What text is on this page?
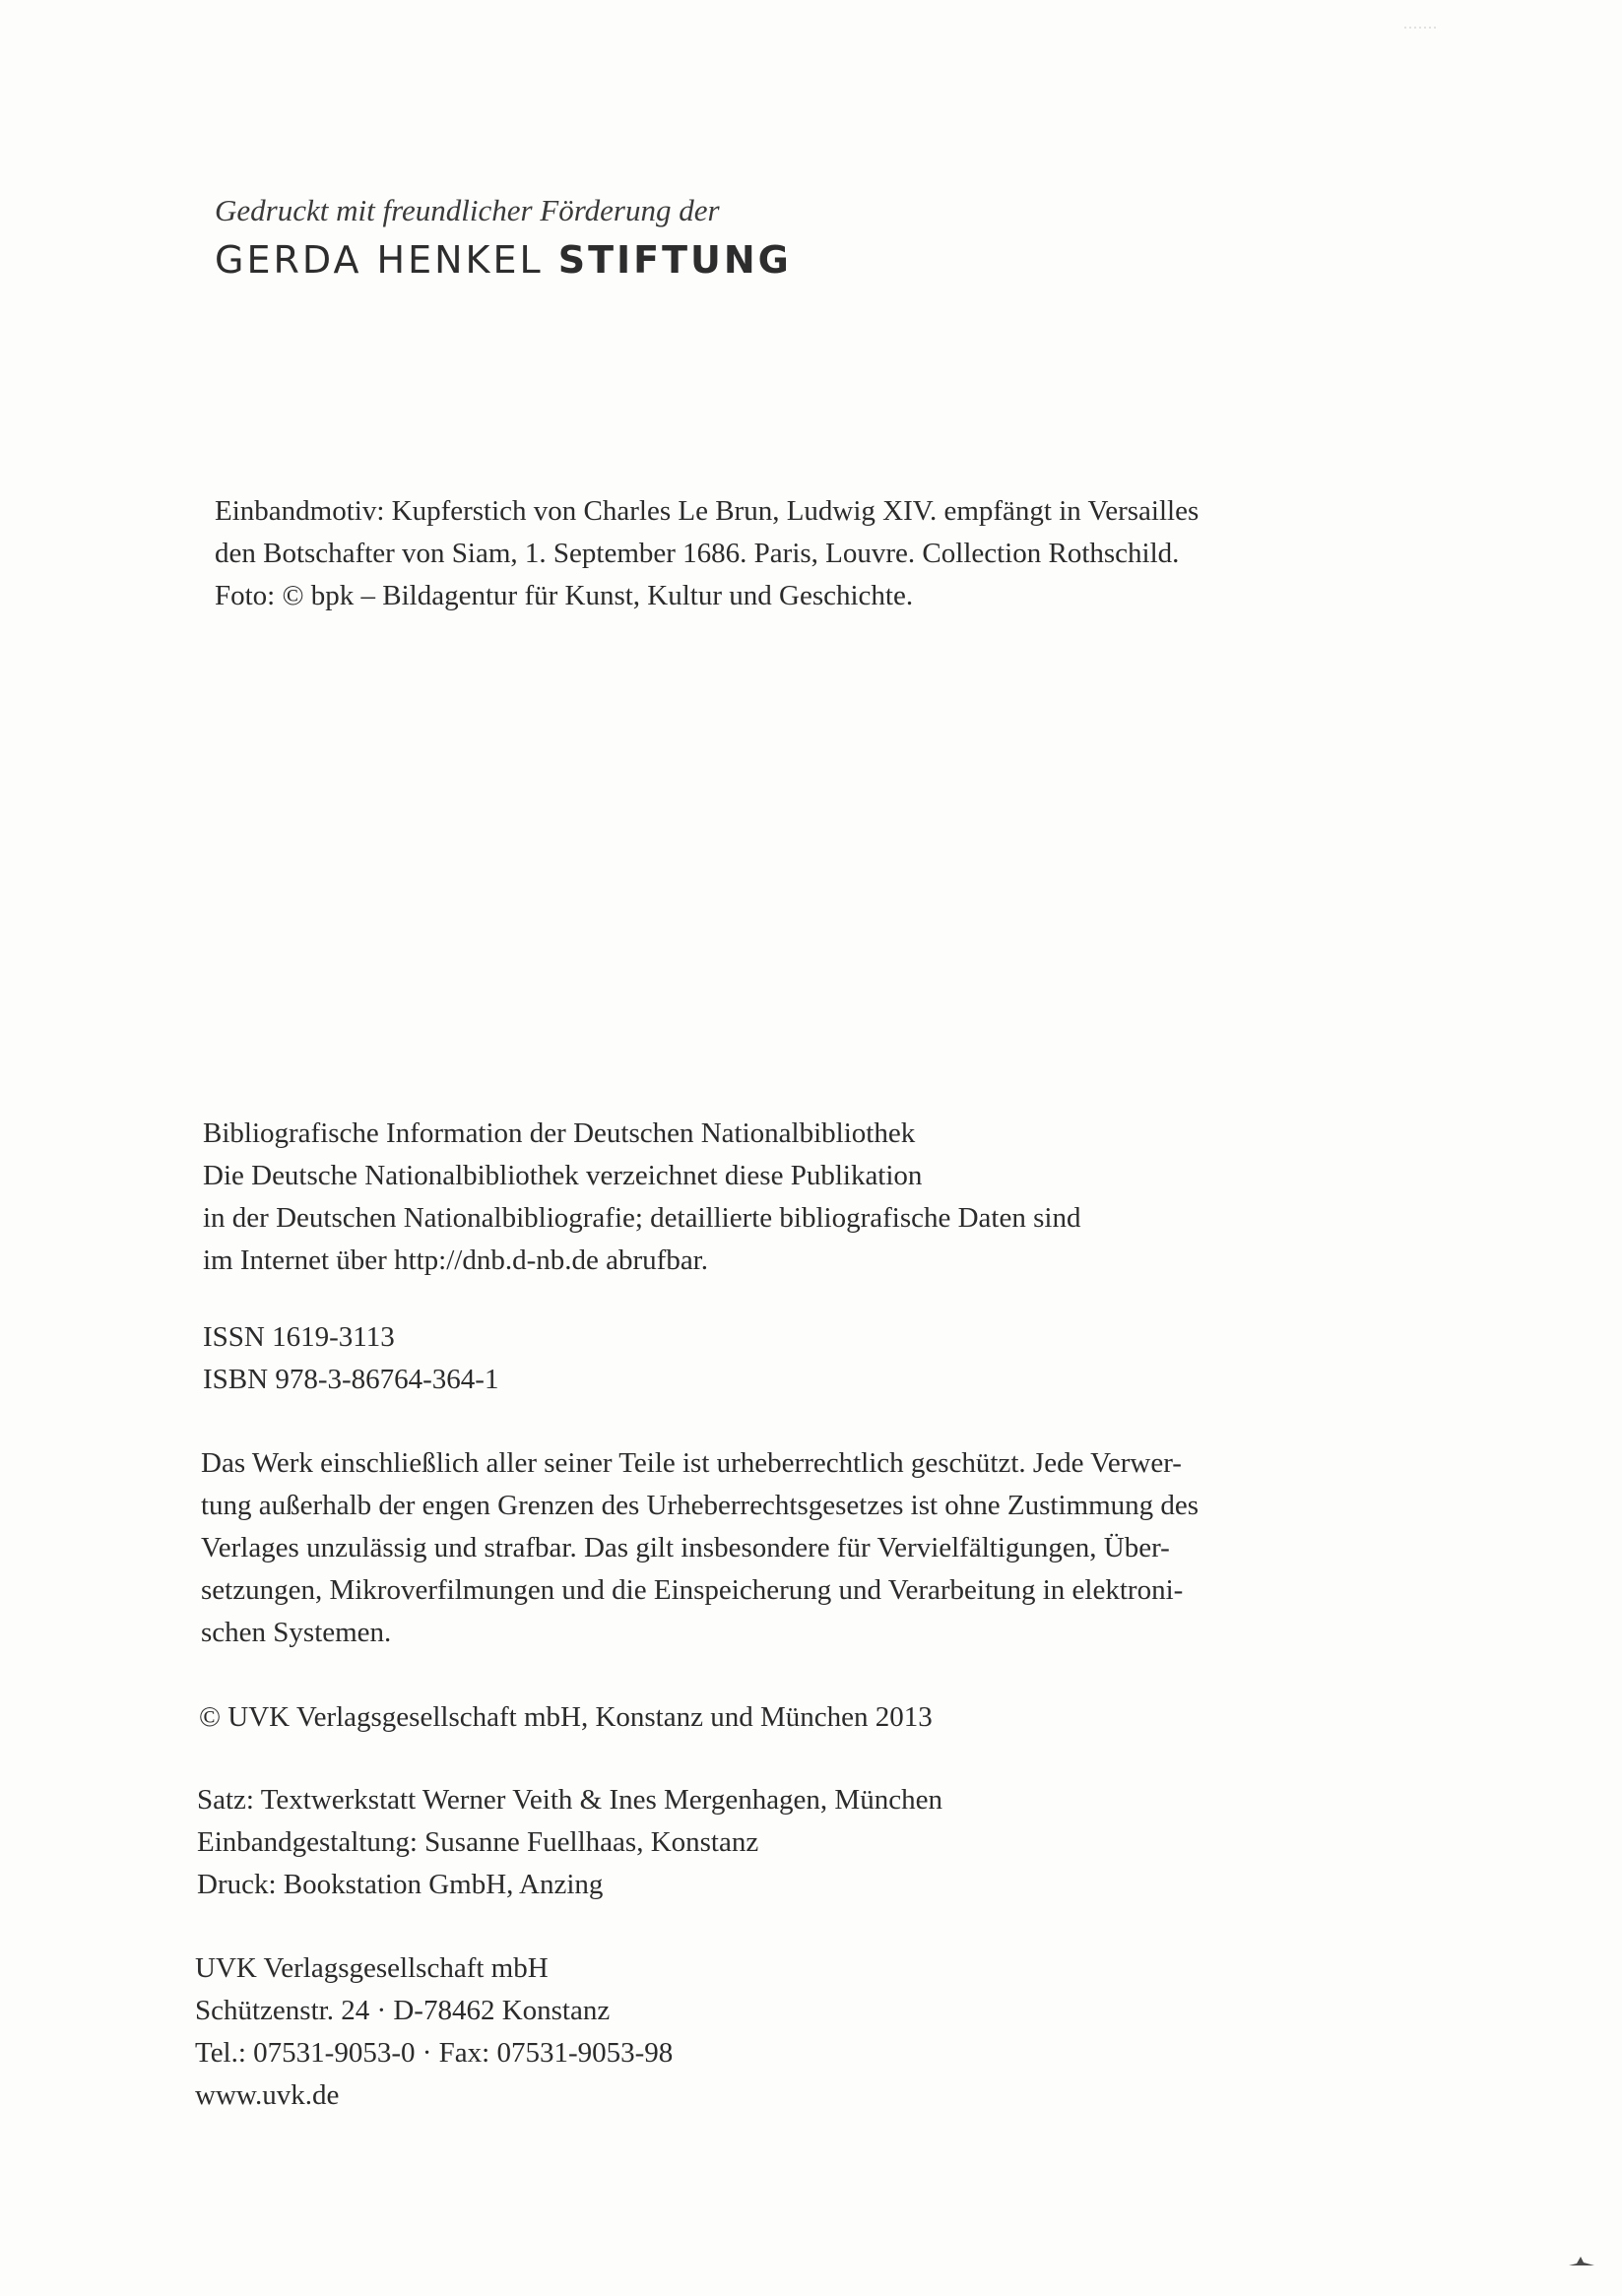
Gedruckt mit freundlicher Förderung der
GERDA HENKEL STIFTUNG
Einbandmotiv: Kupferstich von Charles Le Brun, Ludwig XIV. empfängt in Versailles
den Botschafter von Siam, 1. September 1686. Paris, Louvre. Collection Rothschild.
Foto: © bpk – Bildagentur für Kunst, Kultur und Geschichte.
Bibliografische Information der Deutschen Nationalbibliothek
Die Deutsche Nationalbibliothek verzeichnet diese Publikation
in der Deutschen Nationalbibliografie; detaillierte bibliografische Daten sind
im Internet über http://dnb.d-nb.de abrufbar.
ISSN 1619-3113
ISBN 978-3-86764-364-1
Das Werk einschließlich aller seiner Teile ist urheberrechtlich geschützt. Jede Verwer-
tung außerhalb der engen Grenzen des Urheberrechtsgesetzes ist ohne Zustimmung des
Verlages unzulässig und strafbar. Das gilt insbesondere für Vervielfältigungen, Über-
setzungen, Mikroverfilmungen und die Einspeicherung und Verarbeitung in elektroni-
schen Systemen.
© UVK Verlagsgesellschaft mbH, Konstanz und München 2013
Satz: Textwerkstatt Werner Veith & Ines Mergenhagen, München
Einbandgestaltung: Susanne Fuellhaas, Konstanz
Druck: Bookstation GmbH, Anzing
UVK Verlagsgesellschaft mbH
Schützenstr. 24 · D-78462 Konstanz
Tel.: 07531-9053-0 · Fax: 07531-9053-98
www.uvk.de
